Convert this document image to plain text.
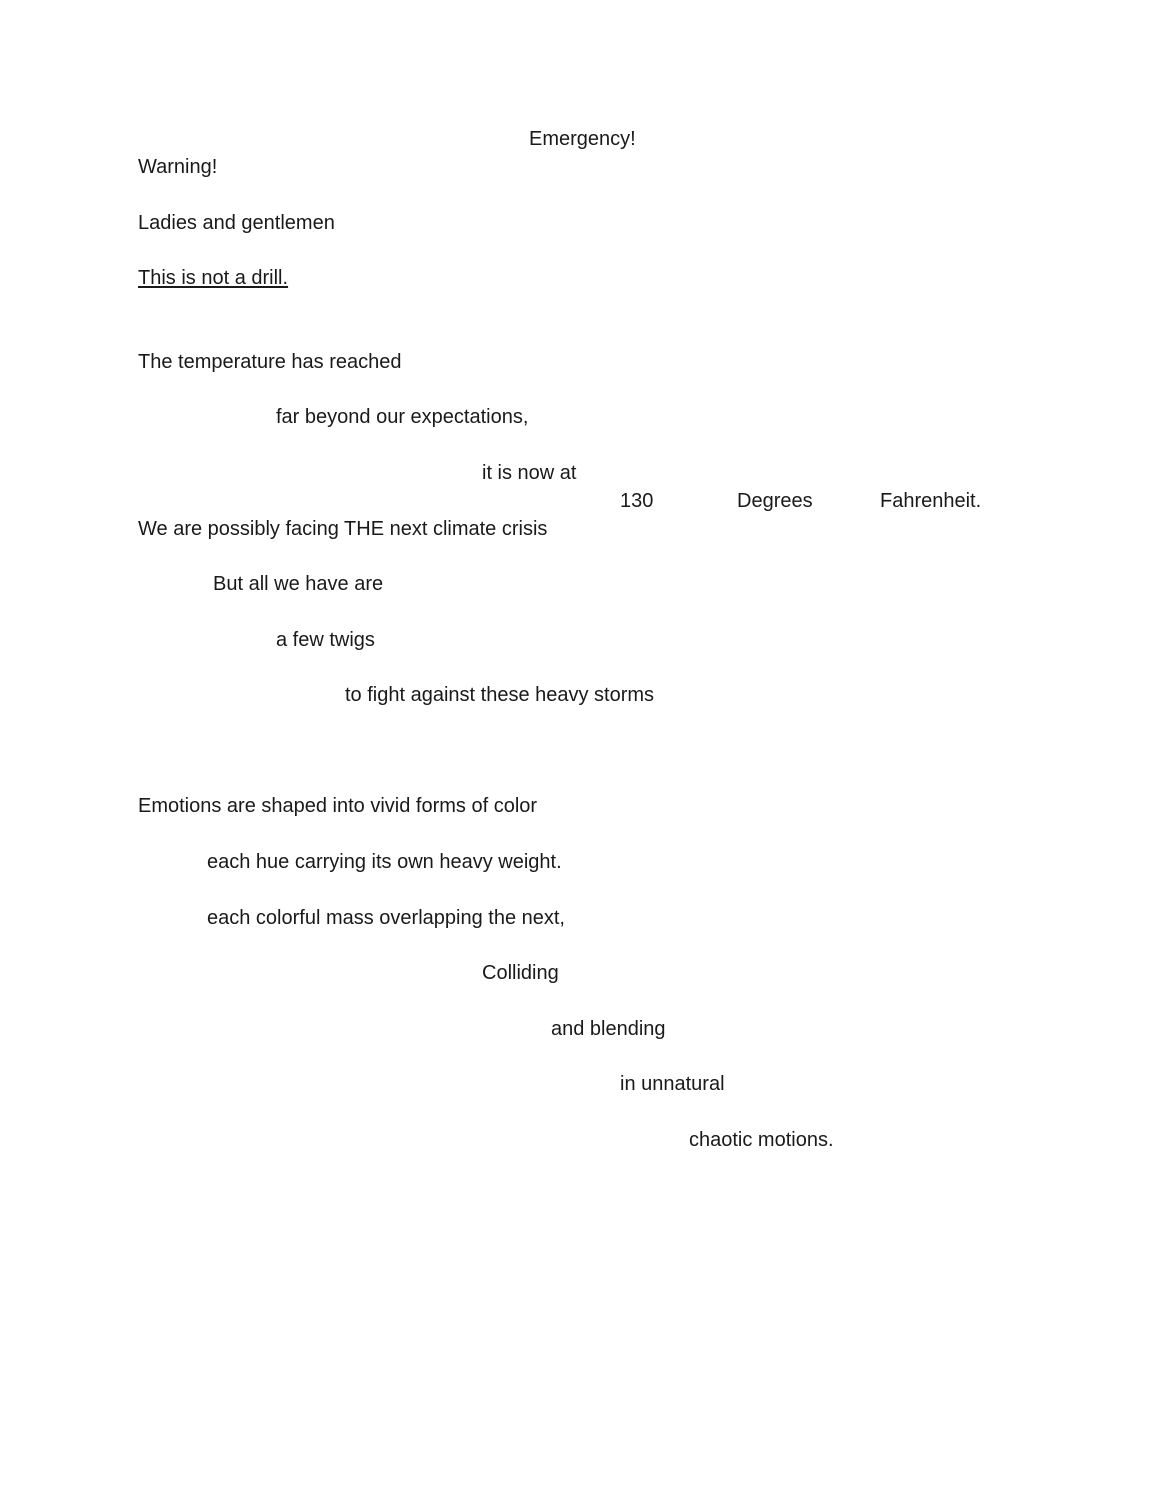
Emergency!
Warning!
Ladies and gentlemen
This is not a drill.
The temperature has reached
far beyond our expectations,
it is now at
130	Degrees	Fahrenheit.
We are possibly facing THE next climate crisis
But all we have are
a few twigs
to fight against these heavy storms
Emotions are shaped into vivid forms of color
each hue carrying its own heavy weight.
each colorful mass overlapping the next,
Colliding
and blending
in unnatural
chaotic motions.
